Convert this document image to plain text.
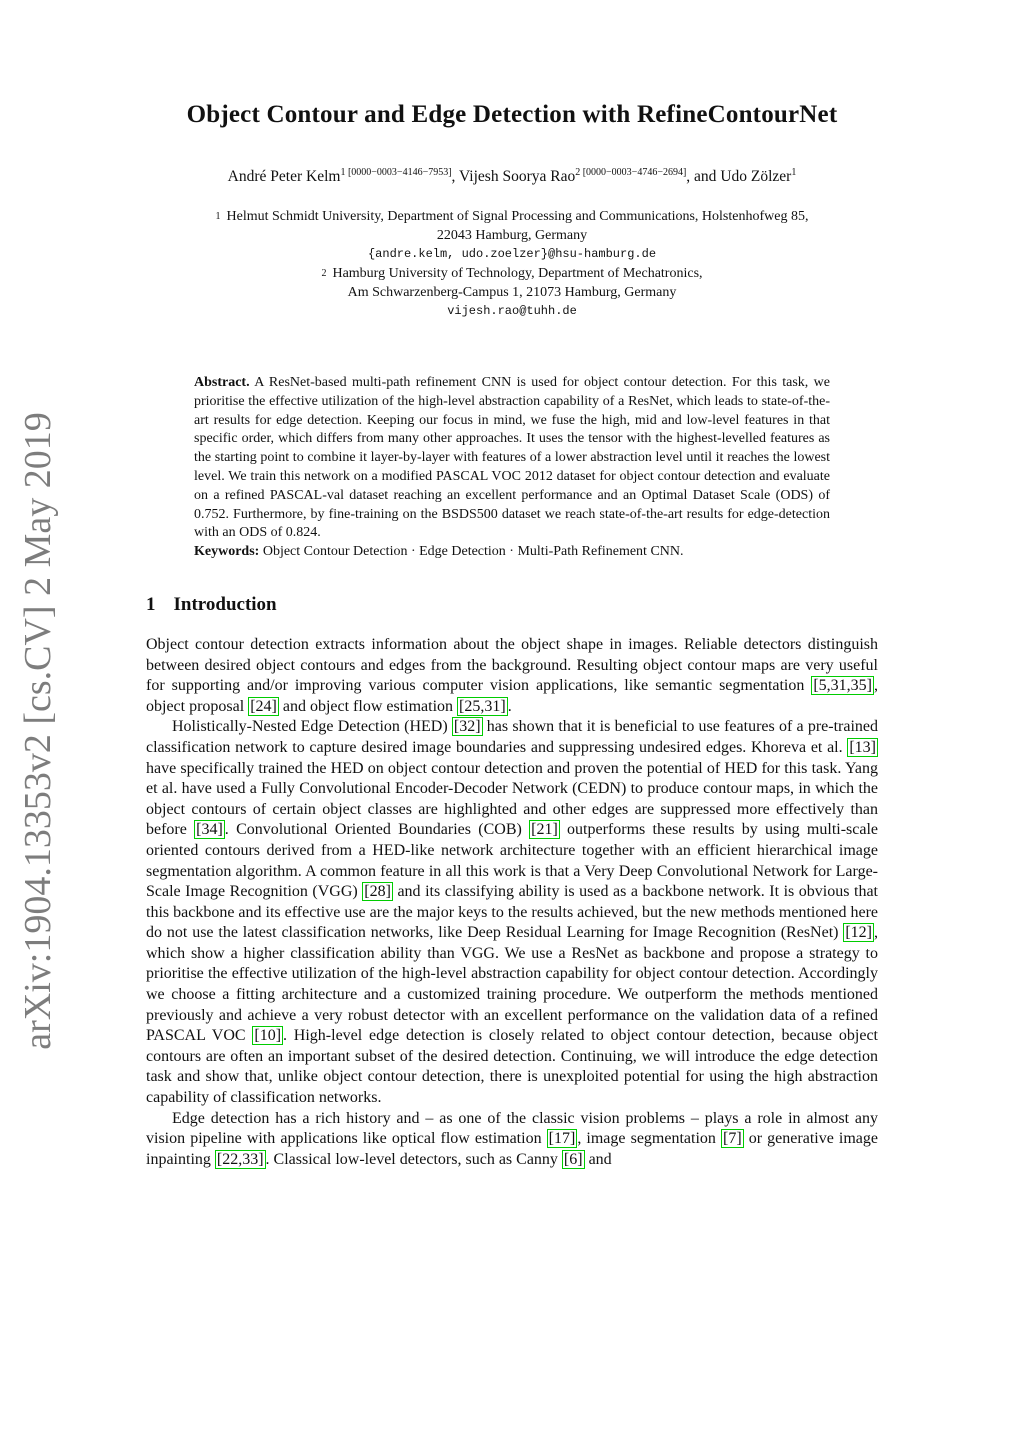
arXiv:1904.13353v2 [cs.CV] 2 May 2019
Object Contour and Edge Detection with RefineContourNet
André Peter Kelm$^{1 [0000-0003-4146-7953]}$, Vijesh Soorya Rao$^{2 [0000-0003-4746-2694]}$, and Udo Zölzer$^1$

$^1$ Helmut Schmidt University, Department of Signal Processing and Communications, Holstenhofweg 85,

22043 Hamburg, Germany

{andre.kelm, udo.zoelzer}@hsu-hamburg.de

$^2$ Hamburg University of Technology, Department of Mechatronics,

Am Schwarzenberg-Campus 1, 21073 Hamburg, Germany

vijesh.rao@tuhh.de

Abstract. A ResNet-based multi-path refinement CNN is used for object contour detection. For this task, we prioritise the effective utilization of the high-level abstraction capability of a ResNet, which leads to state-of-the-art results for edge detection. Keeping our focus in mind, we fuse the high, mid and low-level features in that specific order, which differs from many other approaches. It uses the tensor with the highest-levelled features as the starting point to combine it layer-by-layer with features of a lower abstraction level until it reaches the lowest level. We train this network on a modified PASCAL VOC 2012 dataset for object contour detection and evaluate on a refined PASCAL-val dataset reaching an excellent performance and an Optimal Dataset Scale (ODS) of 0.752. Furthermore, by fine-training on the BSDS500 dataset we reach state-of-the-art results for edge-detection with an ODS of 0.824.

Keywords: Object Contour Detection · Edge Detection · Multi-Path Refinement CNN.

1 Introduction

Object contour detection extracts information about the object shape in images. Reliable detectors distinguish between desired object contours and edges from the background. Resulting object contour maps are very useful for supporting and/or improving various computer vision applications, like semantic segmentation [5,31,35] , object proposal [24] and object flow estimation [25,31] .

Holistically-Nested Edge Detection (HED) [32] has shown that it is beneficial to use features of a pre-trained classification network to capture desired image boundaries and suppressing undesired edges. Khoreva et al. [13] have specifically trained the HED on object contour detection and proven the potential of HED for this task. Yang et al. have used a Fully Convolutional Encoder-Decoder Network (CEDN) to produce contour maps, in which the object contours of certain object classes are highlighted and other edges are suppressed more effectively than before [34] . Convolutional Oriented Boundaries (COB) [21] outperforms these results by using multi-scale oriented contours derived from a HED-like network architecture together with an efficient hierarchical image segmentation algorithm. A common feature in all this work is that a Very Deep Convolutional Network for Large-Scale Image Recognition (VGG) [28] and its classifying ability is used as a backbone network. It is obvious that this backbone and its effective use are the major keys to the results achieved, but the new methods mentioned here do not use the latest classification networks, like Deep Residual Learning for Image Recognition (ResNet) [12] , which show a higher classification ability than VGG. We use a ResNet as backbone and propose a strategy to prioritise the effective utilization of the high-level abstraction capability for object contour detection. Accordingly we choose a fitting architecture and a customized training procedure. We outperform the methods mentioned previously and achieve a very robust detector with an excellent performance on the validation data of a refined PASCAL VOC [10] . High-level edge detection is closely related to object contour detection, because object contours are often an important subset of the desired detection. Continuing, we will introduce the edge detection task and show that, unlike object contour detection, there is unexploited potential for using the high abstraction capability of classification networks.

Edge detection has a rich history and – as one of the classic vision problems – plays a role in almost any vision pipeline with applications like optical flow estimation [17] , image segmentation [7] or generative image inpainting [22,33] . Classical low-level detectors, such as Canny [6] and
